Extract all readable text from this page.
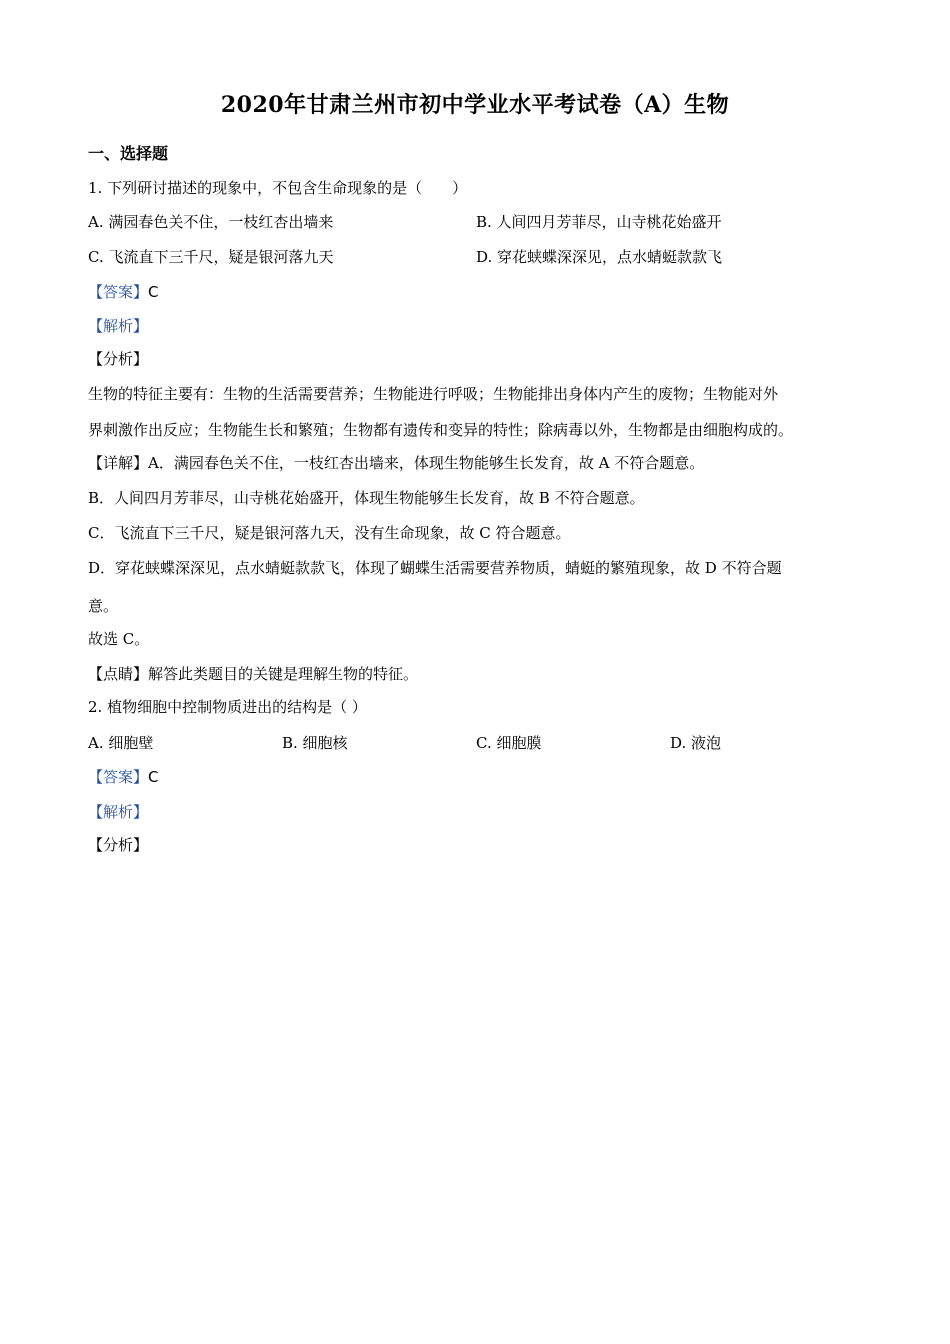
2020年甘肃兰州市初中学业水平考试卷（A）生物
一、选择题
1. 下列研讨描述的现象中，不包含生命现象的是（　　）
A. 满园春色关不住，一枝红杏出墙来	B. 人间四月芳菲尽，山寺桃花始盛开
C. 飞流直下三千尺，疑是银河落九天	D. 穿花蛱蝶深深见，点水蜻蜓款款飞
【答案】C
【解析】
【分析】
生物的特征主要有：生物的生活需要营养；生物能进行呼吸；生物能排出身体内产生的废物；生物能对外
界刺激作出反应；生物能生长和繁殖；生物都有遗传和变异的特性；除病毒以外，生物都是由细胞构成的。
【详解】A．满园春色关不住，一枝红杏出墙来，体现生物能够生长发育，故 A 不符合题意。
B．人间四月芳菲尽，山寺桃花始盛开，体现生物能够生长发育，故 B 不符合题意。
C．飞流直下三千尺，疑是银河落九天，没有生命现象，故 C 符合题意。
D．穿花蛱蝶深深见，点水蜻蜓款款飞，体现了蝴蝶生活需要营养物质，蜻蜓的繁殖现象，故 D 不符合题
意。
故选 C。
【点睛】解答此类题目的关键是理解生物的特征。
2. 植物细胞中控制物质进出的结构是（ ）
A. 细胞壁	B. 细胞核	C. 细胞膜	D. 液泡
【答案】C
【解析】
【分析】
